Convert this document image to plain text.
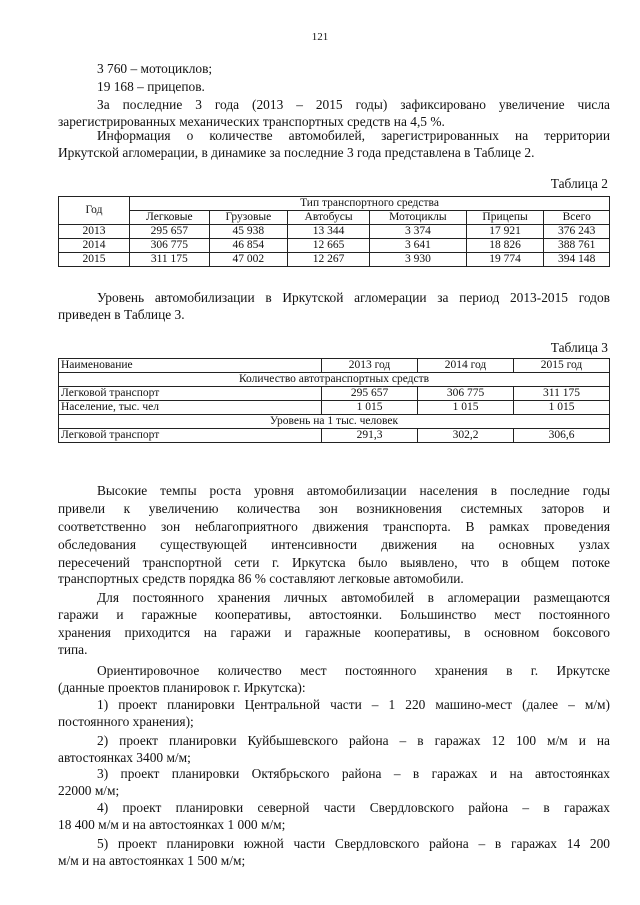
121
3 760 – мотоциклов;
19 168 – прицепов.
За последние 3 года (2013 – 2015 годы) зафиксировано увеличение числа
зарегистрированных механических транспортных средств на 4,5 %.
Информация о количестве автомобилей, зарегистрированных на территории
Иркутской агломерации, в динамике за последние 3 года представлена в Таблице 2.
Таблица 2
Год	Тип транспортного средства					
	Легковые	Грузовые	Автобусы	Мотоциклы	Прицепы	Всего
2013	295 657	45 938	13 344	3 374	17 921	376 243
2014	306 775	46 854	12 665	3 641	18 826	388 761
2015	311 175	47 002	12 267	3 930	19 774	394 148
Уровень автомобилизации в Иркутской агломерации за период 2013-2015 годов
приведен в Таблице 3.
Таблица 3
Наименование	2013 год	2014 год	2015 год
Количество автотранспортных средств			
Легковой транспорт	295 657	306 775	311 175
Население, тыс. чел	1 015	1 015	1 015
Уровень на 1 тыс. человек			
Легковой транспорт	291,3	302,2	306,6
Высокие темпы роста уровня автомобилизации населения в последние годы
привели к увеличению количества зон возникновения системных заторов и
соответственно зон неблагоприятного движения транспорта. В рамках проведения
обследования существующей интенсивности движения на основных узлах
пересечений транспортной сети г. Иркутска было выявлено, что в общем потоке
транспортных средств порядка 86 % составляют легковые автомобили.
Для постоянного хранения личных автомобилей в агломерации размещаются
гаражи и гаражные кооперативы, автостоянки. Большинство мест постоянного
хранения приходится на гаражи и гаражные кооперативы, в основном боксового
типа.
Ориентировочное количество мест постоянного хранения в г. Иркутске
(данные проектов планировок г. Иркутска):
1) проект планировки Центральной части – 1 220 машино-мест (далее – м/м)
постоянного хранения);
2) проект планировки Куйбышевского района – в гаражах 12 100 м/м и на
автостоянках 3400 м/м;
3) проект планировки Октябрьского района – в гаражах и на автостоянках
22000 м/м;
4) проект планировки северной части Свердловского района – в гаражах
18 400 м/м и на автостоянках 1 000 м/м;
5) проект планировки южной части Свердловского района – в гаражах 14 200
м/м и на автостоянках 1 500 м/м;
